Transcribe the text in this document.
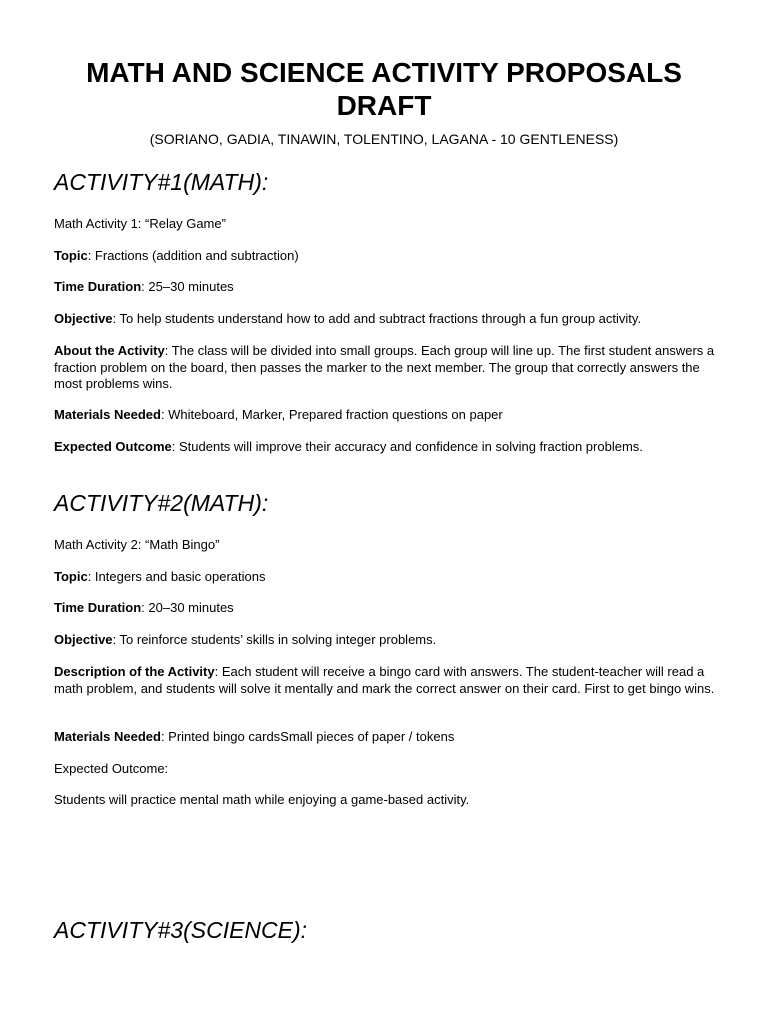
MATH AND SCIENCE ACTIVITY PROPOSALS DRAFT
(SORIANO, GADIA, TINAWIN, TOLENTINO, LAGANA - 10 GENTLENESS)
ACTIVITY#1(MATH):
Math Activity 1: “Relay Game”
Topic: Fractions (addition and subtraction)
Time Duration: 25–30 minutes
Objective: To help students understand how to add and subtract fractions through a fun group activity.
About the Activity: The class will be divided into small groups. Each group will line up. The first student answers a fraction problem on the board, then passes the marker to the next member. The group that correctly answers the most problems wins.
Materials Needed: Whiteboard, Marker, Prepared fraction questions on paper
Expected Outcome: Students will improve their accuracy and confidence in solving fraction problems.
ACTIVITY#2(MATH):
Math Activity 2: “Math Bingo”
Topic: Integers and basic operations
Time Duration: 20–30 minutes
Objective: To reinforce students’ skills in solving integer problems.
Description of the Activity: Each student will receive a bingo card with answers. The student-teacher will read a math problem, and students will solve it mentally and mark the correct answer on their card. First to get bingo wins.
Materials Needed: Printed bingo cardsSmall pieces of paper / tokens
Expected Outcome:
Students will practice mental math while enjoying a game-based activity.
ACTIVITY#3(SCIENCE):
